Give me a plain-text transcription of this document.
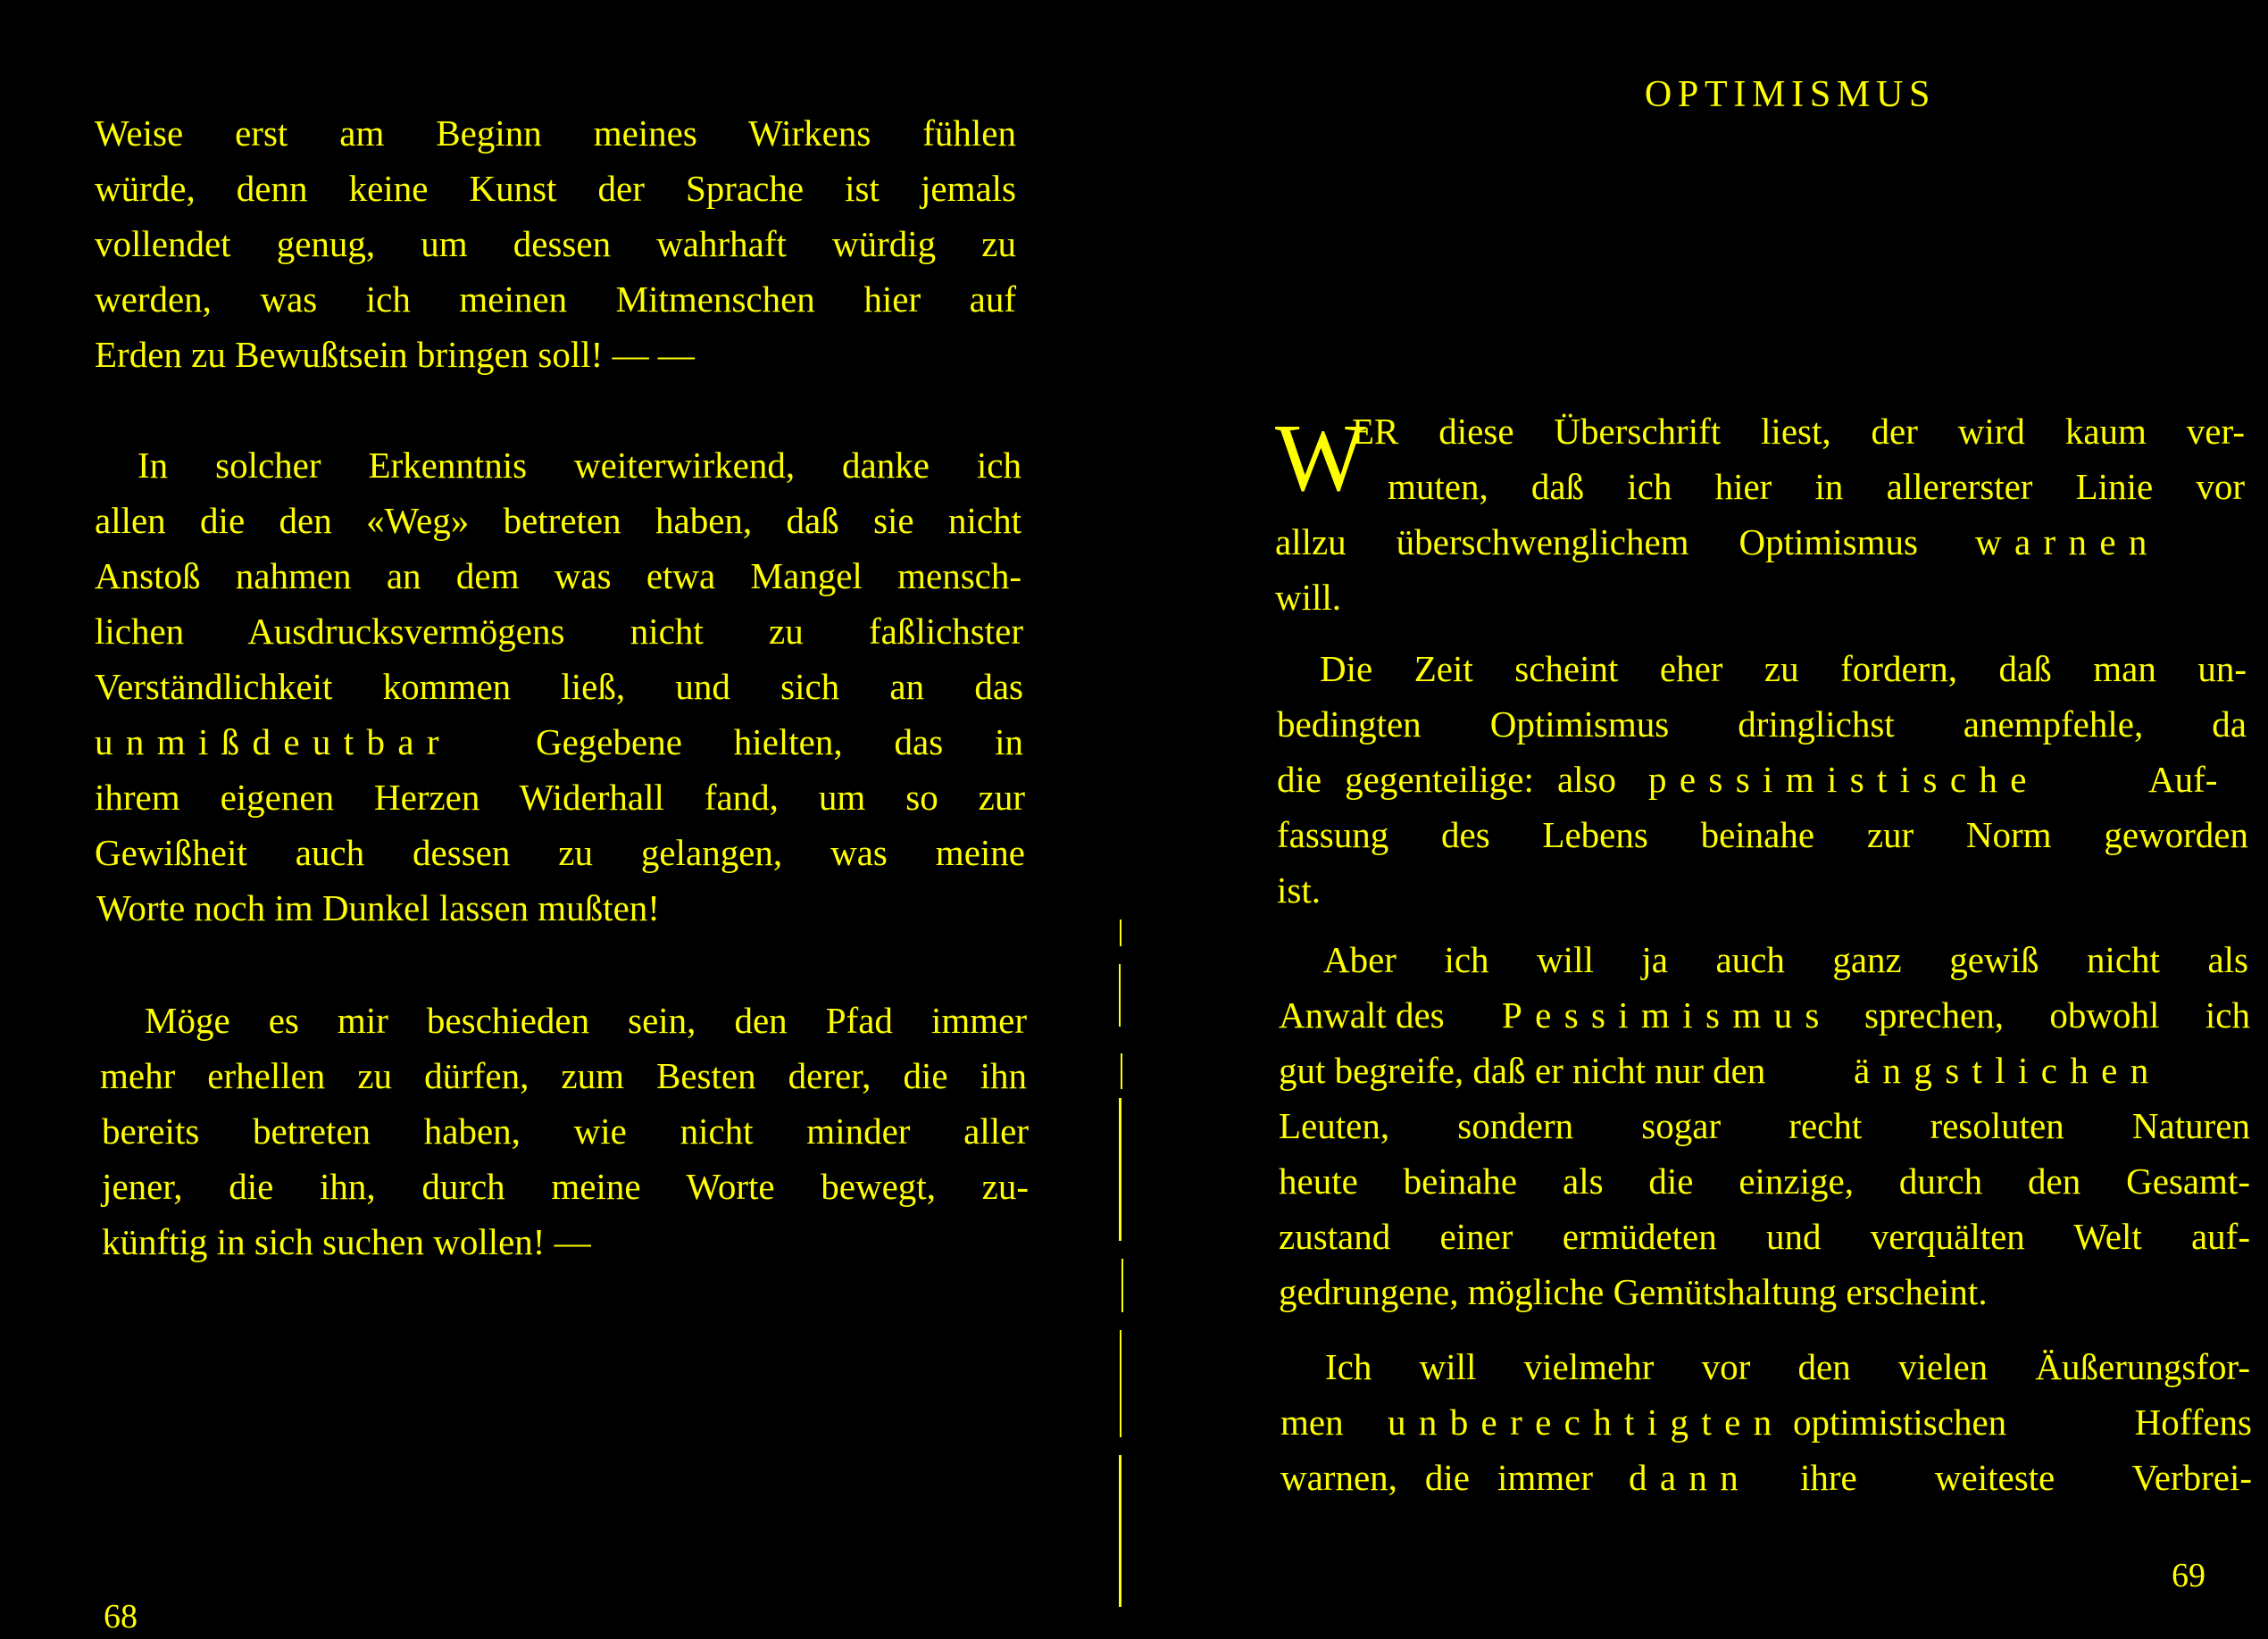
Weise erst am Beginn meines Wirkens fühlen
würde, denn keine Kunst der Sprache ist jemals
vollendet genug, um dessen wahrhaft würdig zu
werden, was ich meinen Mitmenschen hier auf
Erden zu Bewußtsein bringen soll! — —
In solcher Erkenntnis weiterwirkend, danke ich
allen die den «Weg» betreten haben, daß sie nicht
Anstoß nahmen an dem was etwa Mangel mensch-
lichen Ausdrucksvermögens nicht zu faßlichster
Verständlichkeit kommen ließ, und sich an das
unmißdeutbar	Gegebene hielten, das in
ihrem eigenen Herzen Widerhall fand, um so zur
Gewißheit auch dessen zu gelangen, was meine
Worte noch im Dunkel lassen mußten!
Möge es mir beschieden sein, den Pfad immer
mehr erhellen zu dürfen, zum Besten derer, die ihn
bereits betreten haben, wie nicht minder aller
jener, die ihn, durch meine Worte bewegt, zu-
künftig in sich suchen wollen! —
68
OPTIMISMUS
W
ER diese Überschrift liest, der wird kaum ver-
muten, daß ich hier in allererster Linie vor
allzu überschwenglichem Optimismus warnen
will.
Die Zeit scheint eher zu fordern, daß man un-
bedingten Optimismus dringlichst anempfehle, da
die gegenteilige: also pessimistische	Auf-
fassung des Lebens beinahe zur Norm geworden
ist.
Aber ich will ja auch ganz gewiß nicht als
Anwalt des	Pessimismus sprechen, obwohl ich
gut begreife, daß er nicht nur den	ängstlichen
Leuten, sondern sogar recht resoluten Naturen
heute beinahe als die einzige, durch den Gesamt-
zustand einer ermüdeten und verquälten Welt auf-
gedrungene, mögliche Gemütshaltung erscheint.
Ich will vielmehr vor den vielen Äußerungsfor-
men	unberechtigten optimistischen Hoffens
warnen, die immer dann	ihre weiteste Verbrei-
69
